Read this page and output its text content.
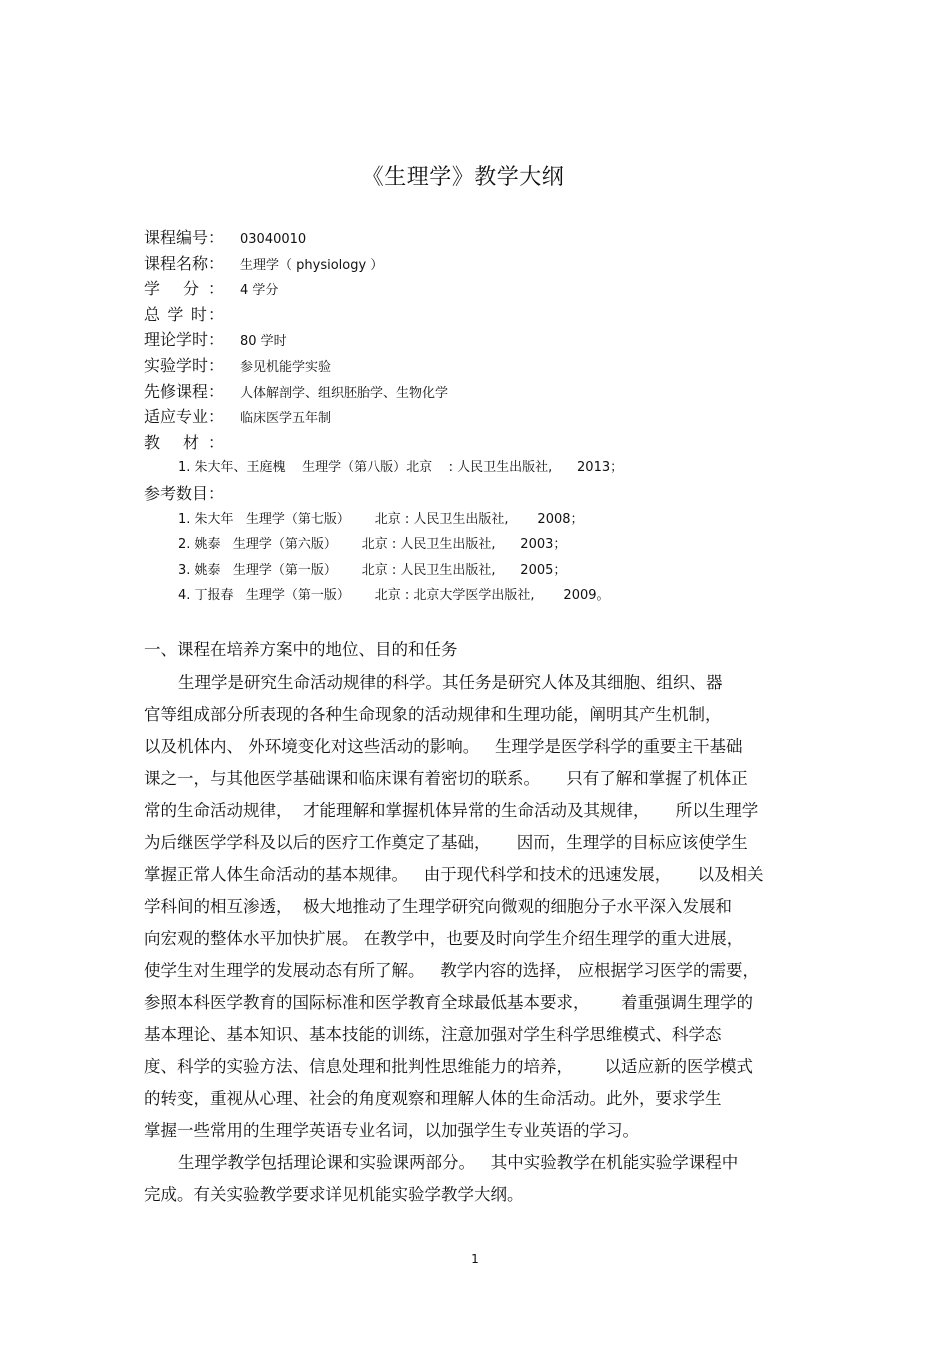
《生理学》教学大纲
课程编号： 03040010
课程名称： 生理学（ physiology ）
学 分： 4 学分
总 学 时：
理论学时： 80 学时
实验学时： 参见机能学实验
先修课程： 人体解剖学、组织胚胎学、生物化学
适应专业： 临床医学五年制
教 材：
1. 朱大年、王庭槐    生理学（第八版）北京    : 人民卫生出版社,      2013；
参考数目：
1. 朱大年   生理学（第七版）      北京 : 人民卫生出版社,       2008；
2. 姚泰   生理学（第六版）      北京 : 人民卫生出版社,      2003；
3. 姚泰   生理学（第一版）      北京 : 人民卫生出版社,      2005；
4. 丁报春   生理学（第一版）      北京 : 北京大学医学出版社,       2009。
一、课程在培养方案中的地位、目的和任务

生理学是研究生命活动规律的科学。其任务是研究人体及其细胞、组织、器
官等组成部分所表现的各种生命现象的活动规律和生理功能，阐明其产生机制，
以及机体内、 外环境变化对这些活动的影响。   生理学是医学科学的重要主干基础
课之一，与其他医学基础课和临床课有着密切的联系。     只有了解和掌握了机体正
常的生命活动规律，  才能理解和掌握机体异常的生命活动及其规律，     所以生理学
为后继医学学科及以后的医疗工作奠定了基础，     因而，生理学的目标应该使学生
掌握正常人体生命活动的基本规律。   由于现代科学和技术的迅速发展，     以及相关
学科间的相互渗透，  极大地推动了生理学研究向微观的细胞分子水平深入发展和
向宏观的整体水平加快扩展。 在教学中，也要及时向学生介绍生理学的重大进展，
使学生对生理学的发展动态有所了解。   教学内容的选择， 应根据学习医学的需要，
参照本科医学教育的国际标准和医学教育全球最低基本要求，      着重强调生理学的
基本理论、基本知识、基本技能的训练，注意加强对学生科学思维模式、科学态
度、科学的实验方法、信息处理和批判性思维能力的培养，      以适应新的医学模式
的转变，重视从心理、社会的角度观察和理解人体的生命活动。此外，要求学生
掌握一些常用的生理学英语专业名词，以加强学生专业英语的学习。

生理学教学包括理论课和实验课两部分。   其中实验教学在机能实验学课程中
完成。有关实验教学要求详见机能实验学教学大纲。

1
